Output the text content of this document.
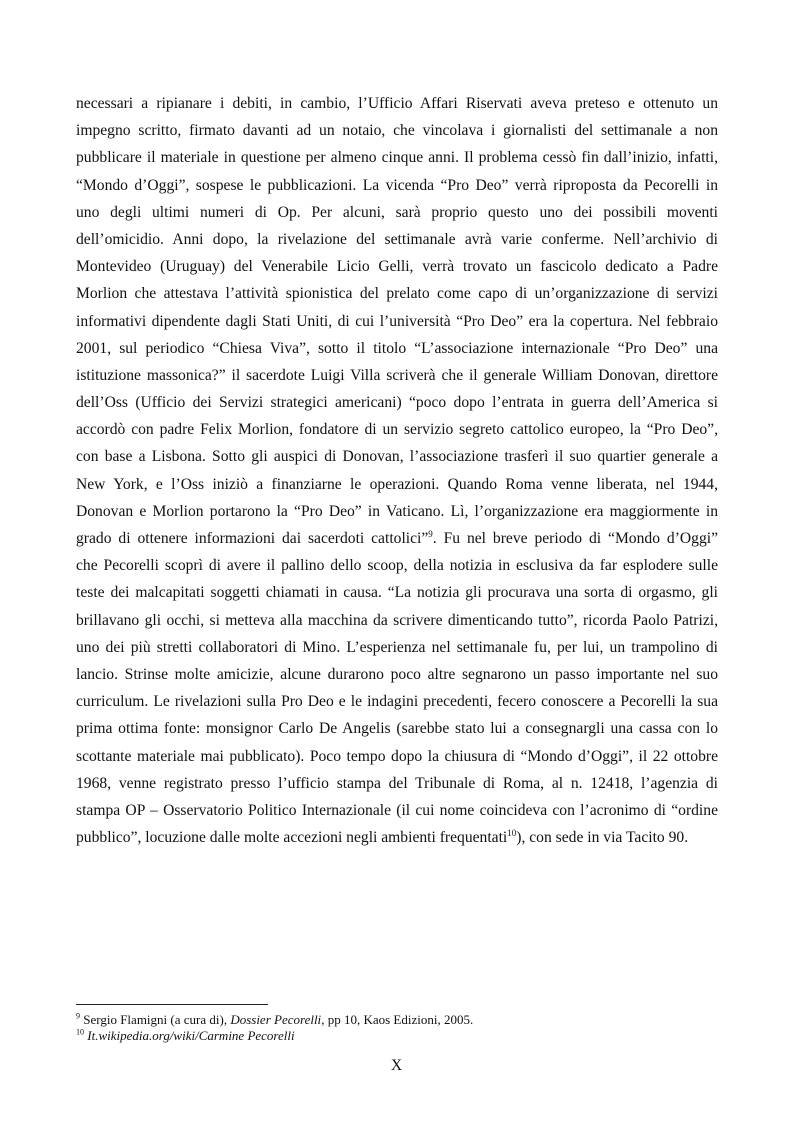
necessari a ripianare i debiti, in cambio, l’Ufficio Affari Riservati aveva preteso e ottenuto un
impegno scritto, firmato davanti ad un notaio, che vincolava i giornalisti del settimanale a non
pubblicare il materiale in questione per almeno cinque anni. Il problema cessò fin dall’inizio, infatti,
“Mondo d’Oggi”, sospese le pubblicazioni. La vicenda “Pro Deo” verrà riproposta da Pecorelli in
uno degli ultimi numeri di Op. Per alcuni, sarà proprio questo uno dei possibili moventi
dell’omicidio. Anni dopo, la rivelazione del settimanale avrà varie conferme. Nell’archivio di
Montevideo (Uruguay) del Venerabile Licio Gelli, verrà trovato un fascicolo dedicato a Padre
Morlion che attestava l’attività spionistica del prelato come capo di un’organizzazione di servizi
informativi dipendente dagli Stati Uniti, di cui l’università “Pro Deo” era la copertura. Nel febbraio
2001, sul periodico “Chiesa Viva”, sotto il titolo “L’associazione internazionale “Pro Deo” una
istituzione massonica?” il sacerdote Luigi Villa scriverà che il generale William Donovan, direttore
dell’Oss (Ufficio dei Servizi strategici americani) “poco dopo l’entrata in guerra dell’America si
accordò con padre Felix Morlion, fondatore di un servizio segreto cattolico europeo, la “Pro Deo”,
con base a Lisbona. Sotto gli auspici di Donovan, l’associazione trasferì il suo quartier generale a
New York, e l’Oss iniziò a finanziarne le operazioni. Quando Roma venne liberata, nel 1944,
Donovan e Morlion portarono la “Pro Deo” in Vaticano. Lì, l’organizzazione era maggiormente in
grado di ottenere informazioni dai sacerdoti cattolici”$^9$. Fu nel breve periodo di “Mondo d’Oggi”
che Pecorelli scoprì di avere il pallino dello scoop, della notizia in esclusiva da far esplodere sulle
teste dei malcapitati soggetti chiamati in causa. “La notizia gli procurava una sorta di orgasmo, gli
brillavano gli occhi, si metteva alla macchina da scrivere dimenticando tutto”, ricorda Paolo Patrizi,
uno dei più stretti collaboratori di Mino. L’esperienza nel settimanale fu, per lui, un trampolino di
lancio. Strinse molte amicizie, alcune durarono poco altre segnarono un passo importante nel suo
curriculum. Le rivelazioni sulla Pro Deo e le indagini precedenti, fecero conoscere a Pecorelli la sua
prima ottima fonte: monsignor Carlo De Angelis (sarebbe stato lui a consegnargli una cassa con lo
scottante materiale mai pubblicato). Poco tempo dopo la chiusura di “Mondo d’Oggi”, il 22 ottobre
1968, venne registrato presso l’ufficio stampa del Tribunale di Roma, al n. 12418, l’agenzia di
stampa OP – Osservatorio Politico Internazionale (il cui nome coincideva con l’acronimo di “ordine
pubblico”, locuzione dalle molte accezioni negli ambienti frequentati$^{10}$), con sede in via Tacito 90.
$^9$ Sergio Flamigni (a cura di), Dossier Pecorelli, pp 10, Kaos Edizioni, 2005.
$^{10}$ It.wikipedia.org/wiki/Carmine Pecorelli
X
